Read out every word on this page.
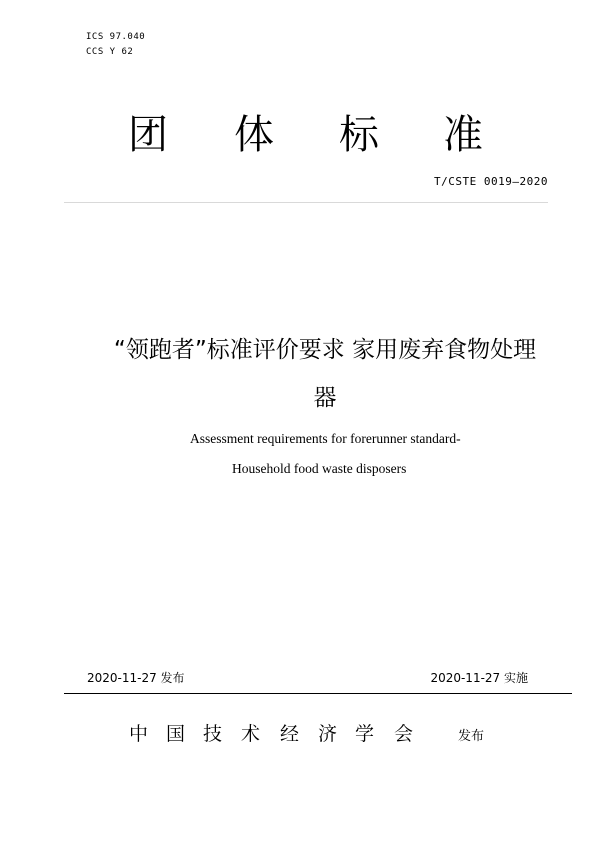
ICS 97.040
CCS Y 62
团 体 标 准
T/CSTE 0019—2020
“领跑者”标准评价要求 家用废弃食物处理
器
Assessment requirements for forerunner standard-
Household food waste disposers
2020-11-27 发布	2020-11-27 实施
中 国 技 术 经 济 学 会	发布
